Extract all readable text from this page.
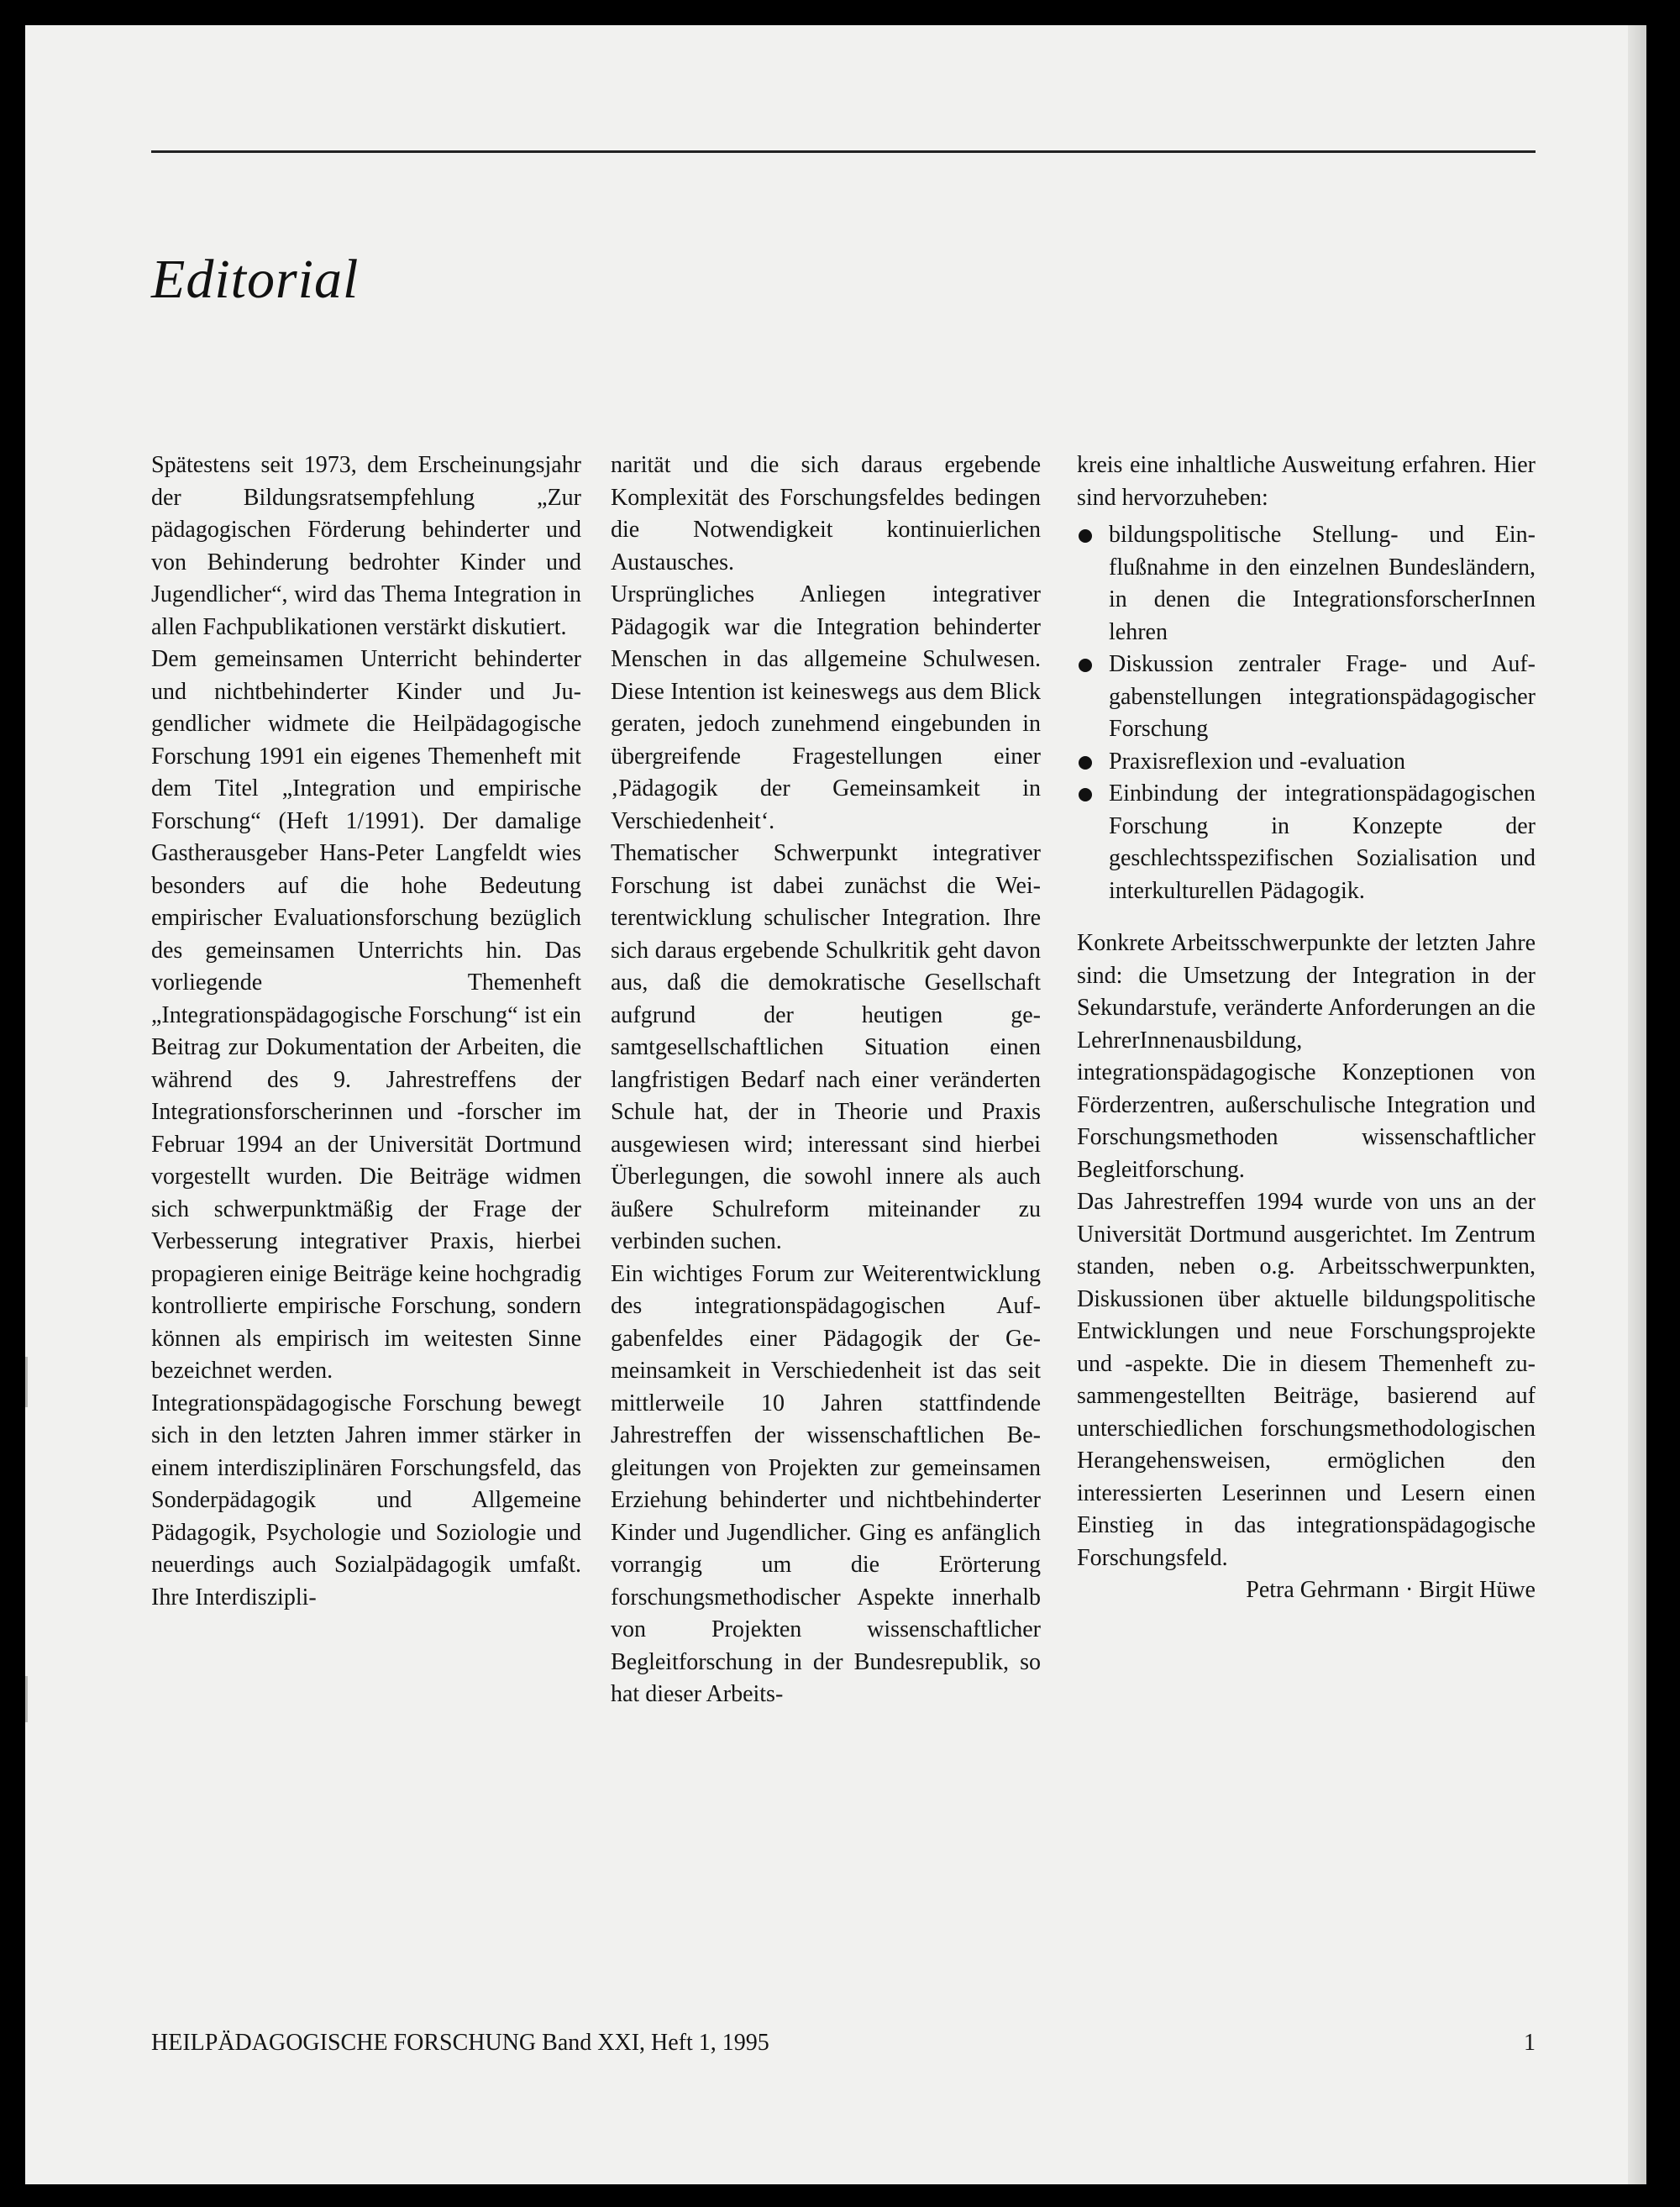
Editorial

Spätestens seit 1973, dem Erscheinungsjahr der Bildungsratsempfehlung „Zur pädagogischen Förderung behinderter und von Behinderung bedrohter Kinder und Jugendlicher“, wird das Thema Integration in allen Fachpublikationen verstärkt diskutiert.

Dem gemeinsamen Unterricht behinderter und nichtbehinderter Kinder und Jugendlicher widmete die Heilpädagogische Forschung 1991 ein eigenes Themenheft mit dem Titel „Integration und empirische Forschung“ (Heft 1/1991). Der damalige Gastherausgeber Hans-Peter Langfeldt wies besonders auf die hohe Bedeutung empirischer Evaluationsforschung bezüglich des gemeinsamen Unterrichts hin. Das vorliegende Themenheft „Integrationspädagogische Forschung“ ist ein Beitrag zur Dokumentation der Arbeiten, die während des 9. Jahrestreffens der Integrationsforscherinnen und -forscher im Februar 1994 an der Universität Dortmund vorgestellt wurden. Die Beiträge widmen sich schwerpunktmäßig der Frage der Verbesserung integrativer Praxis, hierbei propagieren einige Beiträge keine hochgradig kontrollierte empirische Forschung, sondern können als empirisch im weitesten Sinne bezeichnet werden.

Integrationspädagogische Forschung bewegt sich in den letzten Jahren immer stärker in einem interdisziplinären Forschungsfeld, das Sonderpädagogik und Allgemeine Pädagogik, Psychologie und Soziologie und neuerdings auch Sozialpädagogik umfaßt. Ihre Interdiszipli-

narität und die sich daraus ergebende Komplexität des Forschungsfeldes bedingen die Notwendigkeit kontinuierlichen Austausches.

Ursprüngliches Anliegen integrativer Pädagogik war die Integration behinderter Menschen in das allgemeine Schulwesen. Diese Intention ist keineswegs aus dem Blick geraten, jedoch zunehmend eingebunden in übergreifende Fragestellungen einer ‚Pädagogik der Gemeinsamkeit in Verschiedenheit‘.

Thematischer Schwerpunkt integrativer Forschung ist dabei zunächst die Weiterentwicklung schulischer Integration. Ihre sich daraus ergebende Schulkritik geht davon aus, daß die demokratische Gesellschaft aufgrund der heutigen gesamtgesellschaftlichen Situation einen langfristigen Bedarf nach einer veränderten Schule hat, der in Theorie und Praxis ausgewiesen wird; interessant sind hierbei Überlegungen, die sowohl innere als auch äußere Schulreform miteinander zu verbinden suchen.

Ein wichtiges Forum zur Weiterentwicklung des integrationspädagogischen Aufgabenfeldes einer Pädagogik der Gemeinsamkeit in Verschiedenheit ist das seit mittlerweile 10 Jahren stattfindende Jahrestreffen der wissenschaftlichen Begleitungen von Projekten zur gemeinsamen Erziehung behinderter und nichtbehinderter Kinder und Jugendlicher. Ging es anfänglich vorrangig um die Erörterung forschungsmethodischer Aspekte innerhalb von Projekten wissenschaftlicher Begleitforschung in der Bundesrepublik, so hat dieser Arbeits-

kreis eine inhaltliche Ausweitung erfahren. Hier sind hervorzuheben:

bildungspolitische Stellung- und Einflußnahme in den einzelnen Bundesländern, in denen die IntegrationsforscherInnen lehren
Diskussion zentraler Frage- und Aufgabenstellungen integrationspädagogischer Forschung
Praxisreflexion und -evaluation
Einbindung der integrationspädagogischen Forschung in Konzepte der geschlechtsspezifischen Sozialisation und interkulturellen Pädagogik.

Konkrete Arbeitsschwerpunkte der letzten Jahre sind: die Umsetzung der Integration in der Sekundarstufe, veränderte Anforderungen an die LehrerInnenausbildung, integrationspädagogische Konzeptionen von Förderzentren, außerschulische Integration und Forschungsmethoden wissenschaftlicher Begleitforschung.

Das Jahrestreffen 1994 wurde von uns an der Universität Dortmund ausgerichtet. Im Zentrum standen, neben o.g. Arbeitsschwerpunkten, Diskussionen über aktuelle bildungspolitische Entwicklungen und neue Forschungsprojekte und -aspekte. Die in diesem Themenheft zusammengestellten Beiträge, basierend auf unterschiedlichen forschungsmethodologischen Herangehensweisen, ermöglichen den interessierten Leserinnen und Lesern einen Einstieg in das integrationspädagogische Forschungsfeld.

Petra Gehrmann · Birgit Hüwe

HEILPÄDAGOGISCHE FORSCHUNG Band XXI, Heft 1, 1995	1
